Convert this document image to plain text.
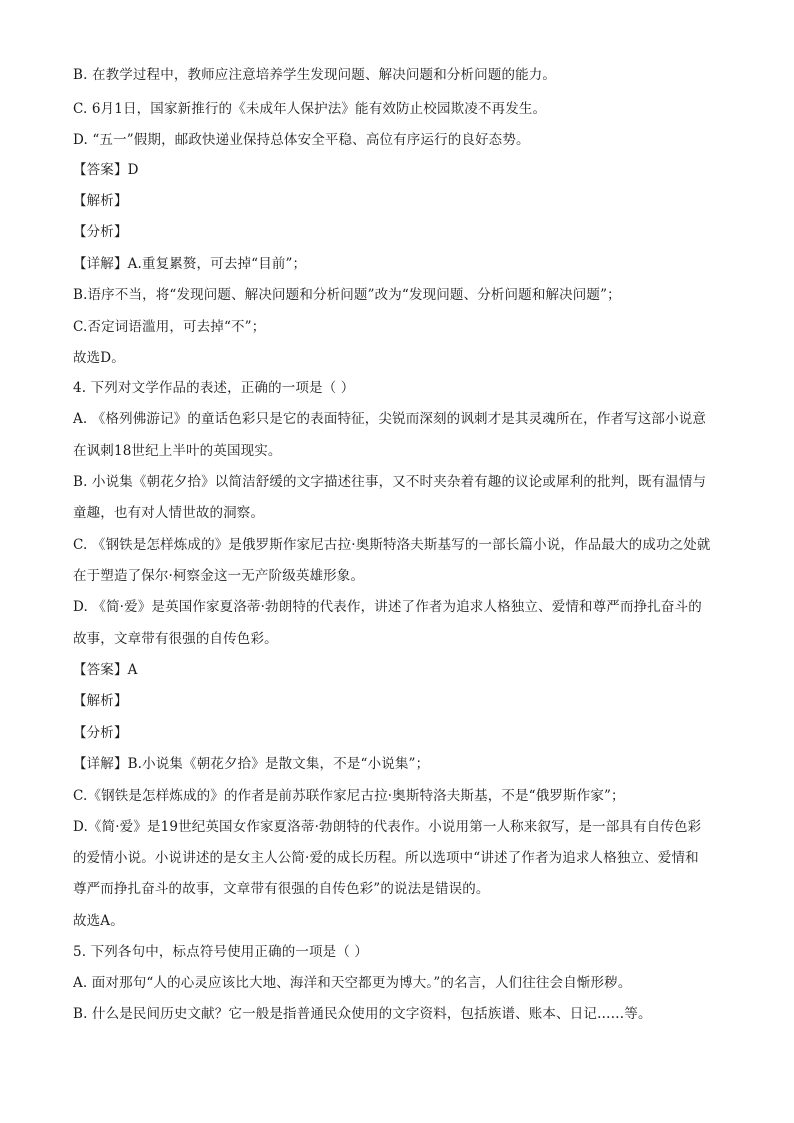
B. 在教学过程中，教师应注意培养学生发现问题、解决问题和分析问题的能力。
C. 6月1日，国家新推行的《未成年人保护法》能有效防止校园欺凌不再发生。
D. “五一”假期，邮政快递业保持总体安全平稳、高位有序运行的良好态势。
【答案】D
【解析】
【分析】
【详解】A.重复累赘，可去掉“目前”；
B.语序不当，将“发现问题、解决问题和分析问题”改为“发现问题、分析问题和解决问题”；
C.否定词语滥用，可去掉“不”；
故选D。
4. 下列对文学作品的表述，正确的一项是（ ）
A. 《格列佛游记》的童话色彩只是它的表面特征，尖锐而深刻的讽刺才是其灵魂所在，作者写这部小说意
在讽刺18世纪上半叶的英国现实。
B. 小说集《朝花夕拾》以简洁舒缓的文字描述往事，又不时夹杂着有趣的议论或犀利的批判，既有温情与
童趣，也有对人情世故的洞察。
C. 《钢铁是怎样炼成的》是俄罗斯作家尼古拉·奥斯特洛夫斯基写的一部长篇小说，作品最大的成功之处就
在于塑造了保尔·柯察金这一无产阶级英雄形象。
D. 《简·爱》是英国作家夏洛蒂·勃朗特的代表作，讲述了作者为追求人格独立、爱情和尊严而挣扎奋斗的
故事，文章带有很强的自传色彩。
【答案】A
【解析】
【分析】
【详解】B.小说集《朝花夕拾》是散文集，不是“小说集”；
C.《钢铁是怎样炼成的》的作者是前苏联作家尼古拉·奥斯特洛夫斯基，不是“俄罗斯作家”；
D.《简·爱》是19世纪英国女作家夏洛蒂·勃朗特的代表作。小说用第一人称来叙写，是一部具有自传色彩
的爱情小说。小说讲述的是女主人公简·爱的成长历程。所以选项中“讲述了作者为追求人格独立、爱情和
尊严而挣扎奋斗的故事，文章带有很强的自传色彩”的说法是错误的。
故选A。
5. 下列各句中，标点符号使用正确的一项是（ ）
A. 面对那句“人的心灵应该比大地、海洋和天空都更为博大。”的名言，人们往往会自惭形秽。
B. 什么是民间历史文献？它一般是指普通民众使用的文字资料，包括族谱、账本、日记……等。
